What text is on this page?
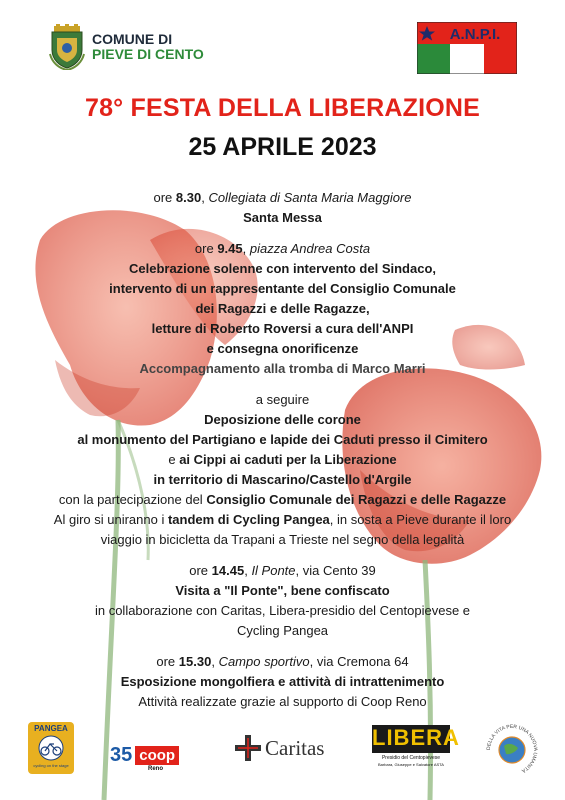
COMUNE DI
PIEVE DI CENTO
A.N.P.I.
78° FESTA DELLA LIBERAZIONE
25 APRILE 2023
ore 8.30, Collegiata di Santa Maria Maggiore
Santa Messa
ore 9.45, piazza Andrea Costa
Celebrazione solenne con intervento del Sindaco,
intervento di un rappresentante del Consiglio Comunale
dei Ragazzi e delle Ragazze,
letture di Roberto Roversi a cura dell'ANPI
e consegna onorificenze
Accompagnamento alla tromba di Marco Marri
a seguire
Deposizione delle corone
al monumento del Partigiano e lapide dei Caduti presso il Cimitero
e ai Cippi ai caduti per la Liberazione
in territorio di Mascarino/Castello d'Argile
con la partecipazione del Consiglio Comunale dei Ragazzi e delle Ragazze
Al giro si uniranno i tandem di Cycling Pangea, in sosta a Pieve durante il loro
viaggio in bicicletta da Trapani a Trieste nel segno della legalità
ore 14.45, Il Ponte, via Cento 39
Visita a "Il Ponte", bene confiscato
in collaborazione con Caritas, Libera-presidio del Centopievese e
Cycling Pangea
ore 15.30, Campo sportivo, via Cremona 64
Esposizione mongolfiera e attività di intrattenimento
Attività realizzate grazie al supporto di Coop Reno
PANGEA
cycling on the stage 35 coop
Reno
Caritas LIBERA
Presidio del Centopievese
Barbara, Giuseppe e Salvatore ASTA
DELLA VITA PER UNA NUOVA UMANITÀ
